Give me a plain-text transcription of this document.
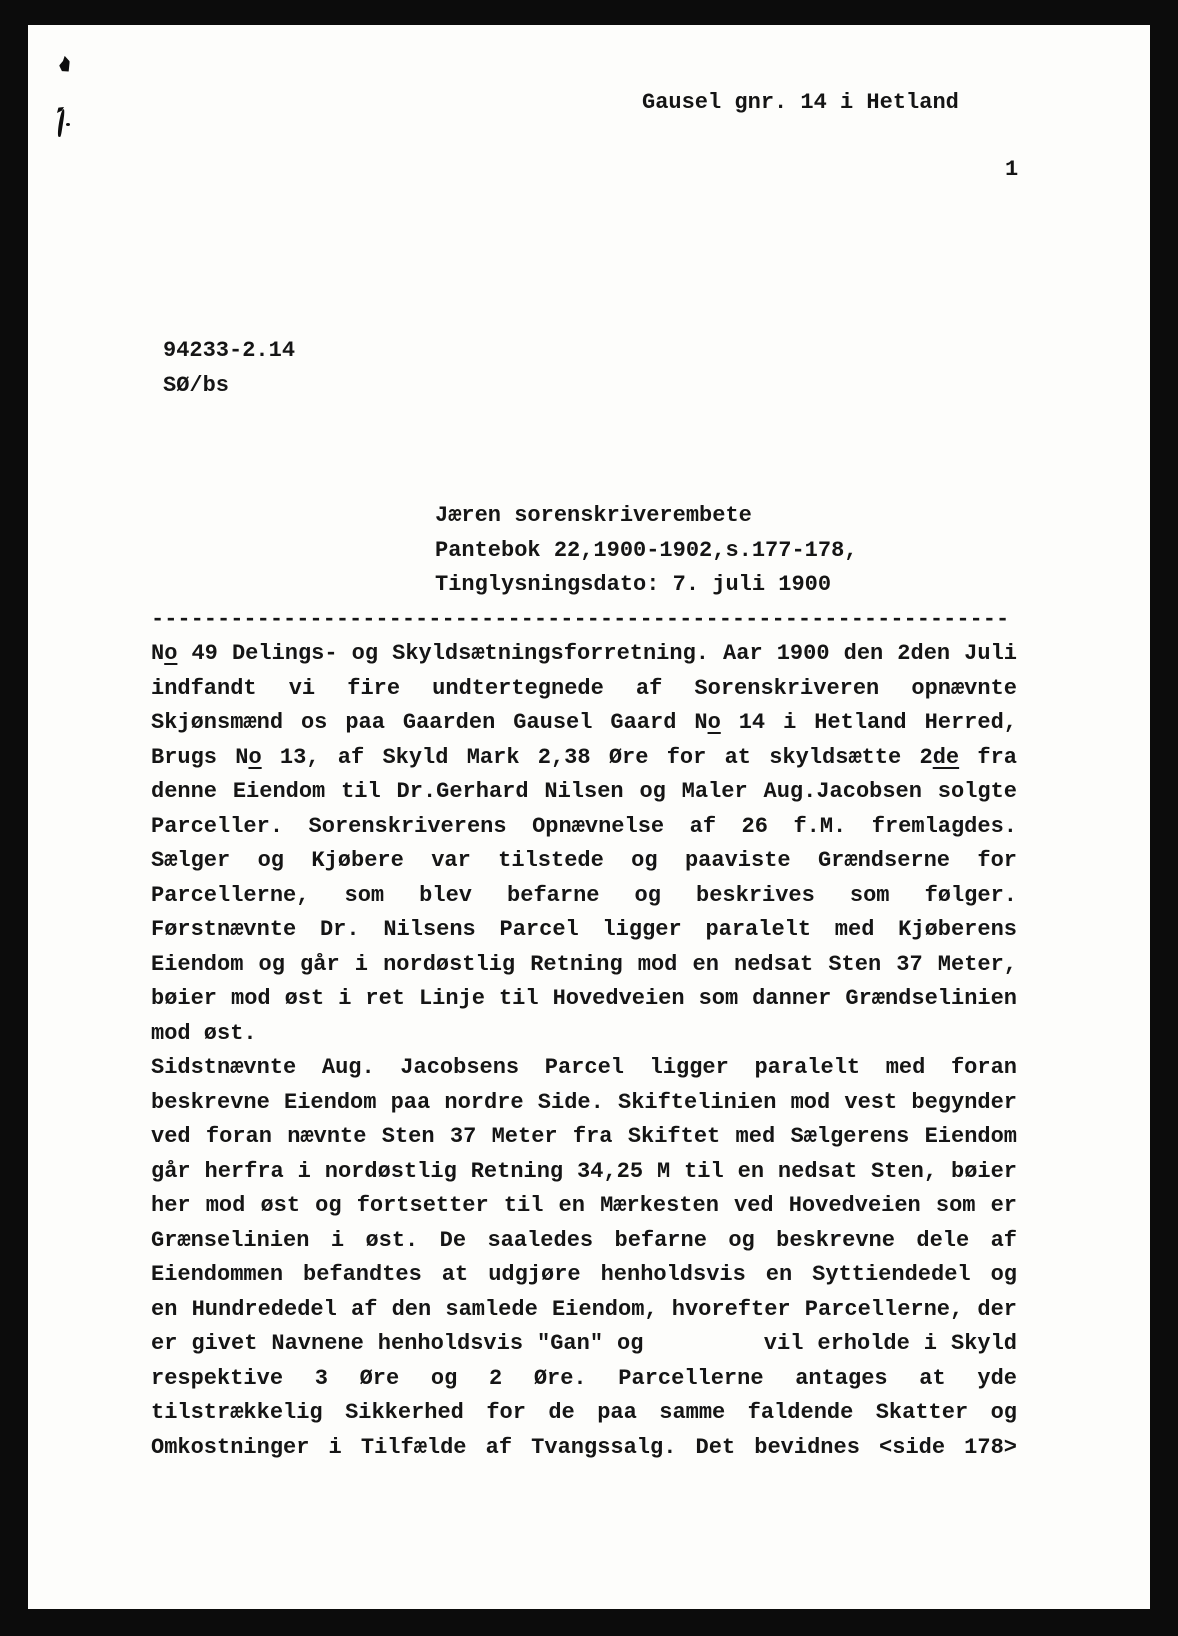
Gausel gnr. 14 i Hetland
1
94233-2.14
SØ/bs
Jæren sorenskriverembete
Pantebok 22,1900-1902,s.177-178,
Tinglysningsdato: 7. juli 1900
-----------------------------------------------------------------
No 49 Delings- og Skyldsætningsforretning. Aar 1900 den 2den Juli
indfandt vi fire undtertegnede af Sorenskriveren opnævnte
Skjønsmænd os paa Gaarden Gausel Gaard No 14 i Hetland Herred,
Brugs No 13, af Skyld Mark 2,38 Øre for at skyldsætte 2de fra
denne Eiendom til Dr.Gerhard Nilsen og Maler Aug.Jacobsen solgte
Parceller. Sorenskriverens Opnævnelse af 26 f.M. fremlagdes.
Sælger og Kjøbere var tilstede og paaviste Grændserne for
Parcellerne, som blev befarne og beskrives som følger.
Førstnævnte Dr. Nilsens Parcel ligger paralelt med Kjøberens
Eiendom og går i nordøstlig Retning mod en nedsat Sten 37 Meter,
bøier mod øst i ret Linje til Hovedveien som danner Grændselinien
mod øst.
Sidstnævnte Aug. Jacobsens Parcel ligger paralelt med foran
beskrevne Eiendom paa nordre Side. Skiftelinien mod vest begynder
ved foran nævnte Sten 37 Meter fra Skiftet med Sælgerens Eiendom
går herfra i nordøstlig Retning 34,25 M til en nedsat Sten, bøier
her mod øst og fortsetter til en Mærkesten ved Hovedveien som er
Grænselinien i øst. De saaledes befarne og beskrevne dele af
Eiendommen befandtes at udgjøre henholdsvis en Syttiendedel og
en Hundrededel af den samlede Eiendom, hvorefter Parcellerne, der
er givet Navnene henholdsvis "Gan" og	vil erholde i Skyld
respektive 3 Øre og 2 Øre. Parcellerne antages at yde
tilstrækkelig Sikkerhed for de paa samme faldende Skatter og
Omkostninger i Tilfælde af Tvangssalg. Det bevidnes <side 178>
